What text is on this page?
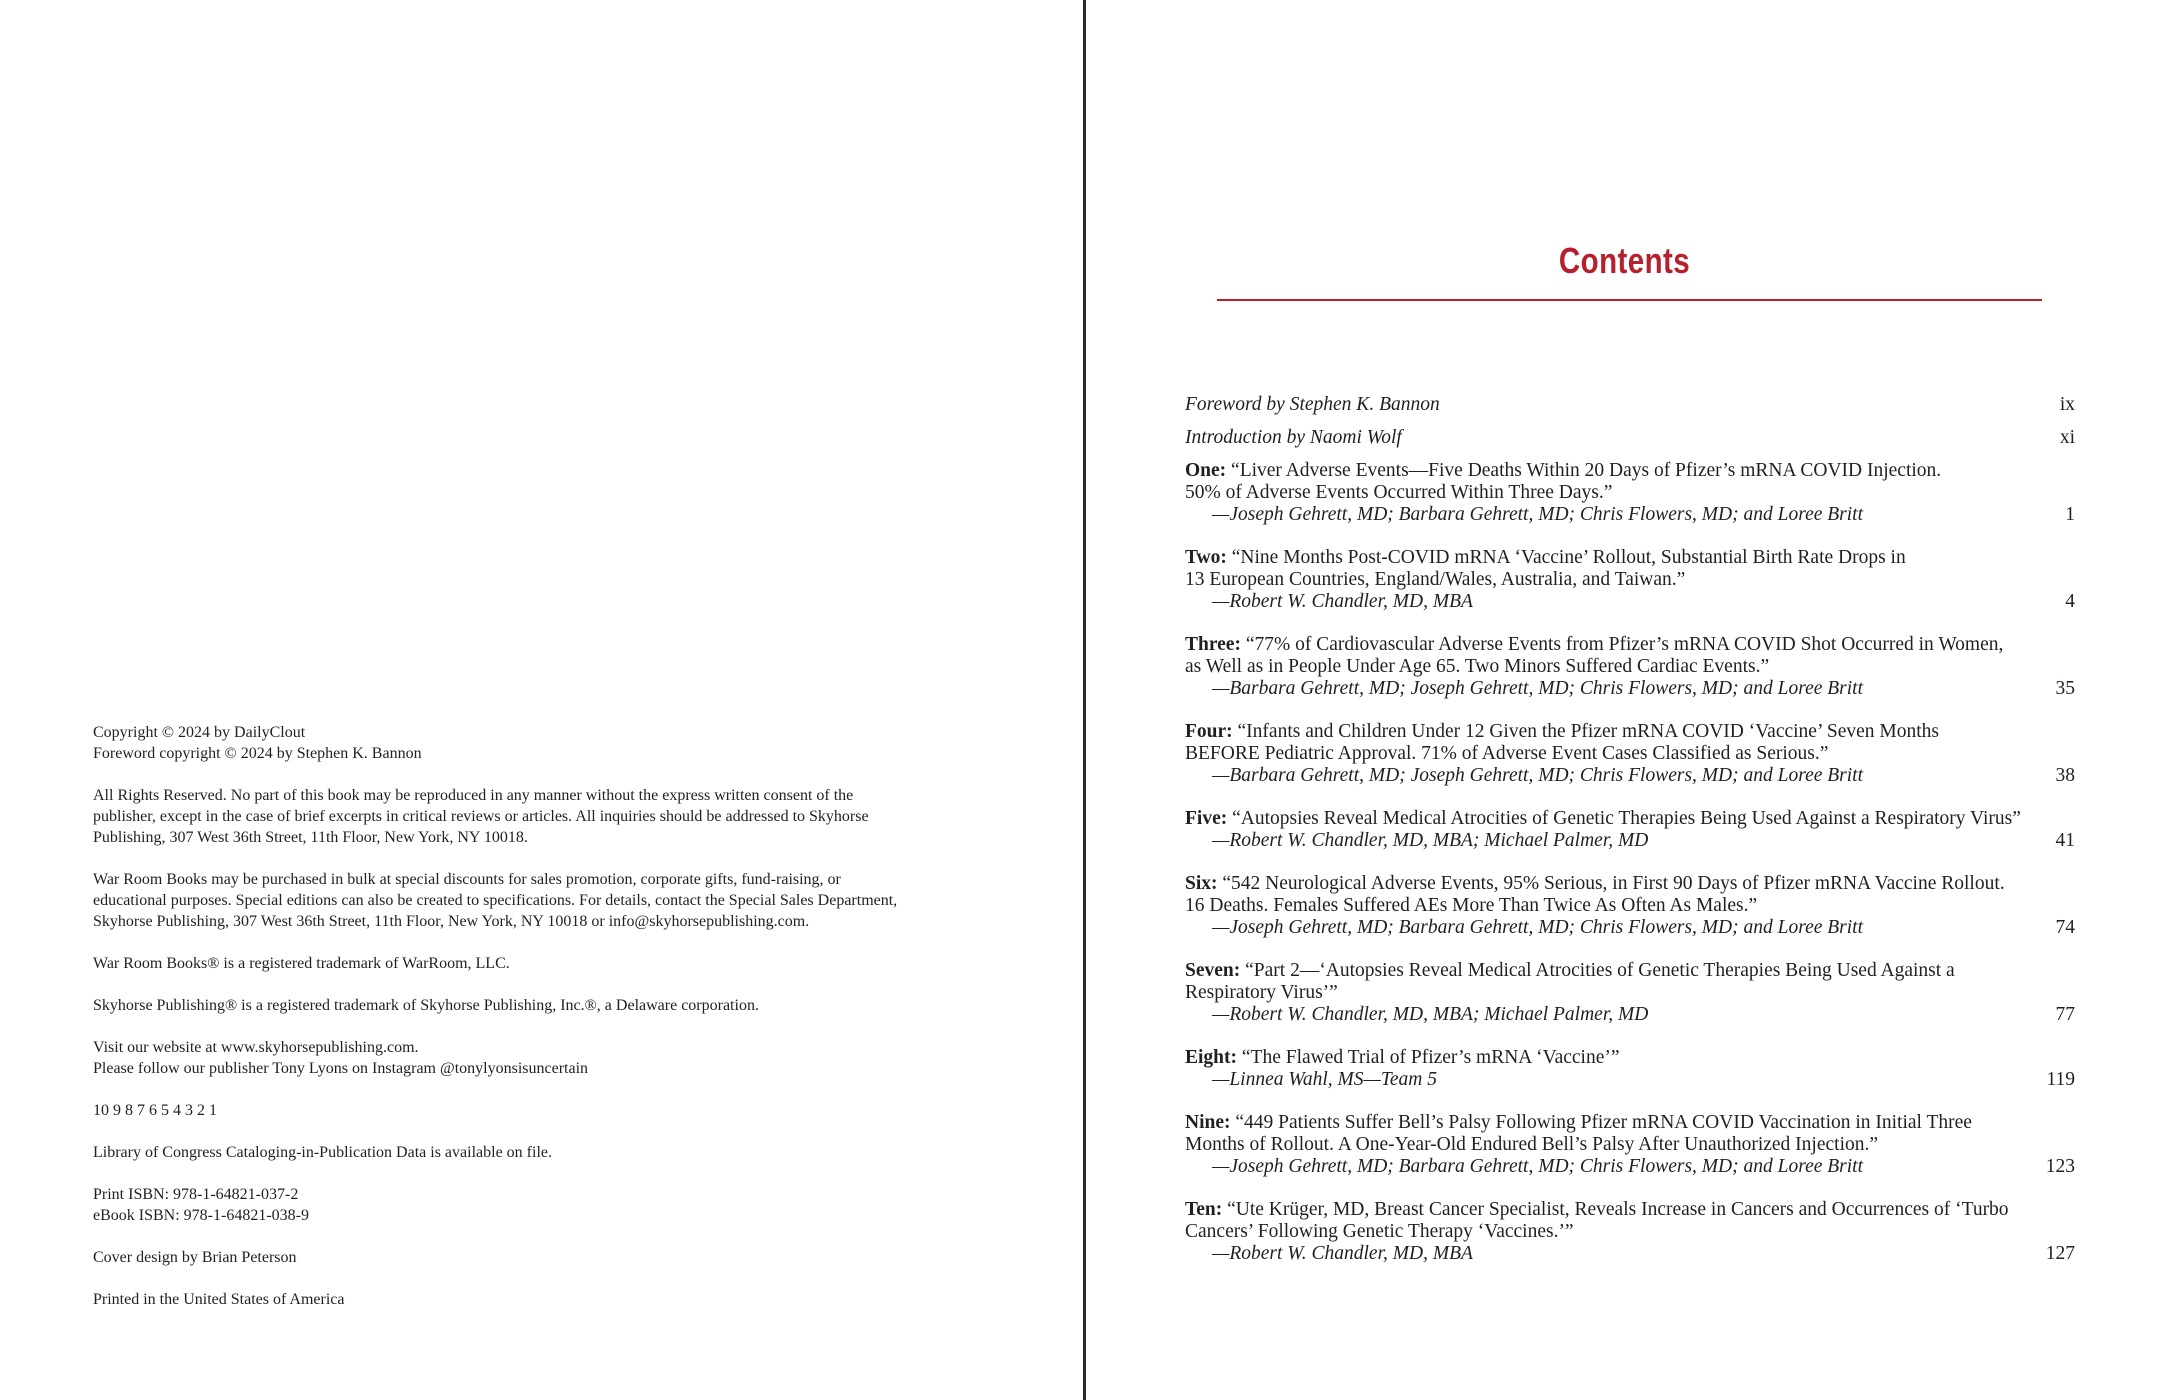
Copyright © 2024 by DailyClout
Foreword copyright © 2024 by Stephen K. Bannon

All Rights Reserved. No part of this book may be reproduced in any manner without the express written consent of the
publisher, except in the case of brief excerpts in critical reviews or articles. All inquiries should be addressed to Skyhorse
Publishing, 307 West 36th Street, 11th Floor, New York, NY 10018.

War Room Books may be purchased in bulk at special discounts for sales promotion, corporate gifts, fund-raising, or
educational purposes. Special editions can also be created to specifications. For details, contact the Special Sales Department,
Skyhorse Publishing, 307 West 36th Street, 11th Floor, New York, NY 10018 or info@skyhorsepublishing.com.

War Room Books® is a registered trademark of WarRoom, LLC.

Skyhorse Publishing® is a registered trademark of Skyhorse Publishing, Inc.®, a Delaware corporation.

Visit our website at www.skyhorsepublishing.com.
Please follow our publisher Tony Lyons on Instagram @tonylyonsisuncertain

10 9 8 7 6 5 4 3 2 1

Library of Congress Cataloging-in-Publication Data is available on file.

Print ISBN: 978-1-64821-037-2
eBook ISBN: 978-1-64821-038-9

Cover design by Brian Peterson

Printed in the United States of America

Contents
Foreword by Stephen K. Bannon	ix
Introduction by Naomi Wolf	xi
One: “Liver Adverse Events—Five Deaths Within 20 Days of Pfizer’s mRNA COVID Injection.
50% of Adverse Events Occurred Within Three Days.”
—Joseph Gehrett, MD; Barbara Gehrett, MD; Chris Flowers, MD; and Loree Britt	1
Two: “Nine Months Post-COVID mRNA ‘Vaccine’ Rollout, Substantial Birth Rate Drops in
13 European Countries, England/Wales, Australia, and Taiwan.”
—Robert W. Chandler, MD, MBA	4
Three: “77% of Cardiovascular Adverse Events from Pfizer’s mRNA COVID Shot Occurred in Women,
as Well as in People Under Age 65. Two Minors Suffered Cardiac Events.”
—Barbara Gehrett, MD; Joseph Gehrett, MD; Chris Flowers, MD; and Loree Britt	35
Four: “Infants and Children Under 12 Given the Pfizer mRNA COVID ‘Vaccine’ Seven Months
BEFORE Pediatric Approval. 71% of Adverse Event Cases Classified as Serious.”
—Barbara Gehrett, MD; Joseph Gehrett, MD; Chris Flowers, MD; and Loree Britt	38
Five: “Autopsies Reveal Medical Atrocities of Genetic Therapies Being Used Against a Respiratory Virus”
—Robert W. Chandler, MD, MBA; Michael Palmer, MD	41
Six: “542 Neurological Adverse Events, 95% Serious, in First 90 Days of Pfizer mRNA Vaccine Rollout.
16 Deaths. Females Suffered AEs More Than Twice As Often As Males.”
—Joseph Gehrett, MD; Barbara Gehrett, MD; Chris Flowers, MD; and Loree Britt	74
Seven: “Part 2—‘Autopsies Reveal Medical Atrocities of Genetic Therapies Being Used Against a
Respiratory Virus’”
—Robert W. Chandler, MD, MBA; Michael Palmer, MD	77
Eight: “The Flawed Trial of Pfizer’s mRNA ‘Vaccine’”
—Linnea Wahl, MS—Team 5	119
Nine: “449 Patients Suffer Bell’s Palsy Following Pfizer mRNA COVID Vaccination in Initial Three
Months of Rollout. A One-Year-Old Endured Bell’s Palsy After Unauthorized Injection.”
—Joseph Gehrett, MD; Barbara Gehrett, MD; Chris Flowers, MD; and Loree Britt	123
Ten: “Ute Krüger, MD, Breast Cancer Specialist, Reveals Increase in Cancers and Occurrences of ‘Turbo
Cancers’ Following Genetic Therapy ‘Vaccines.’”
—Robert W. Chandler, MD, MBA	127
